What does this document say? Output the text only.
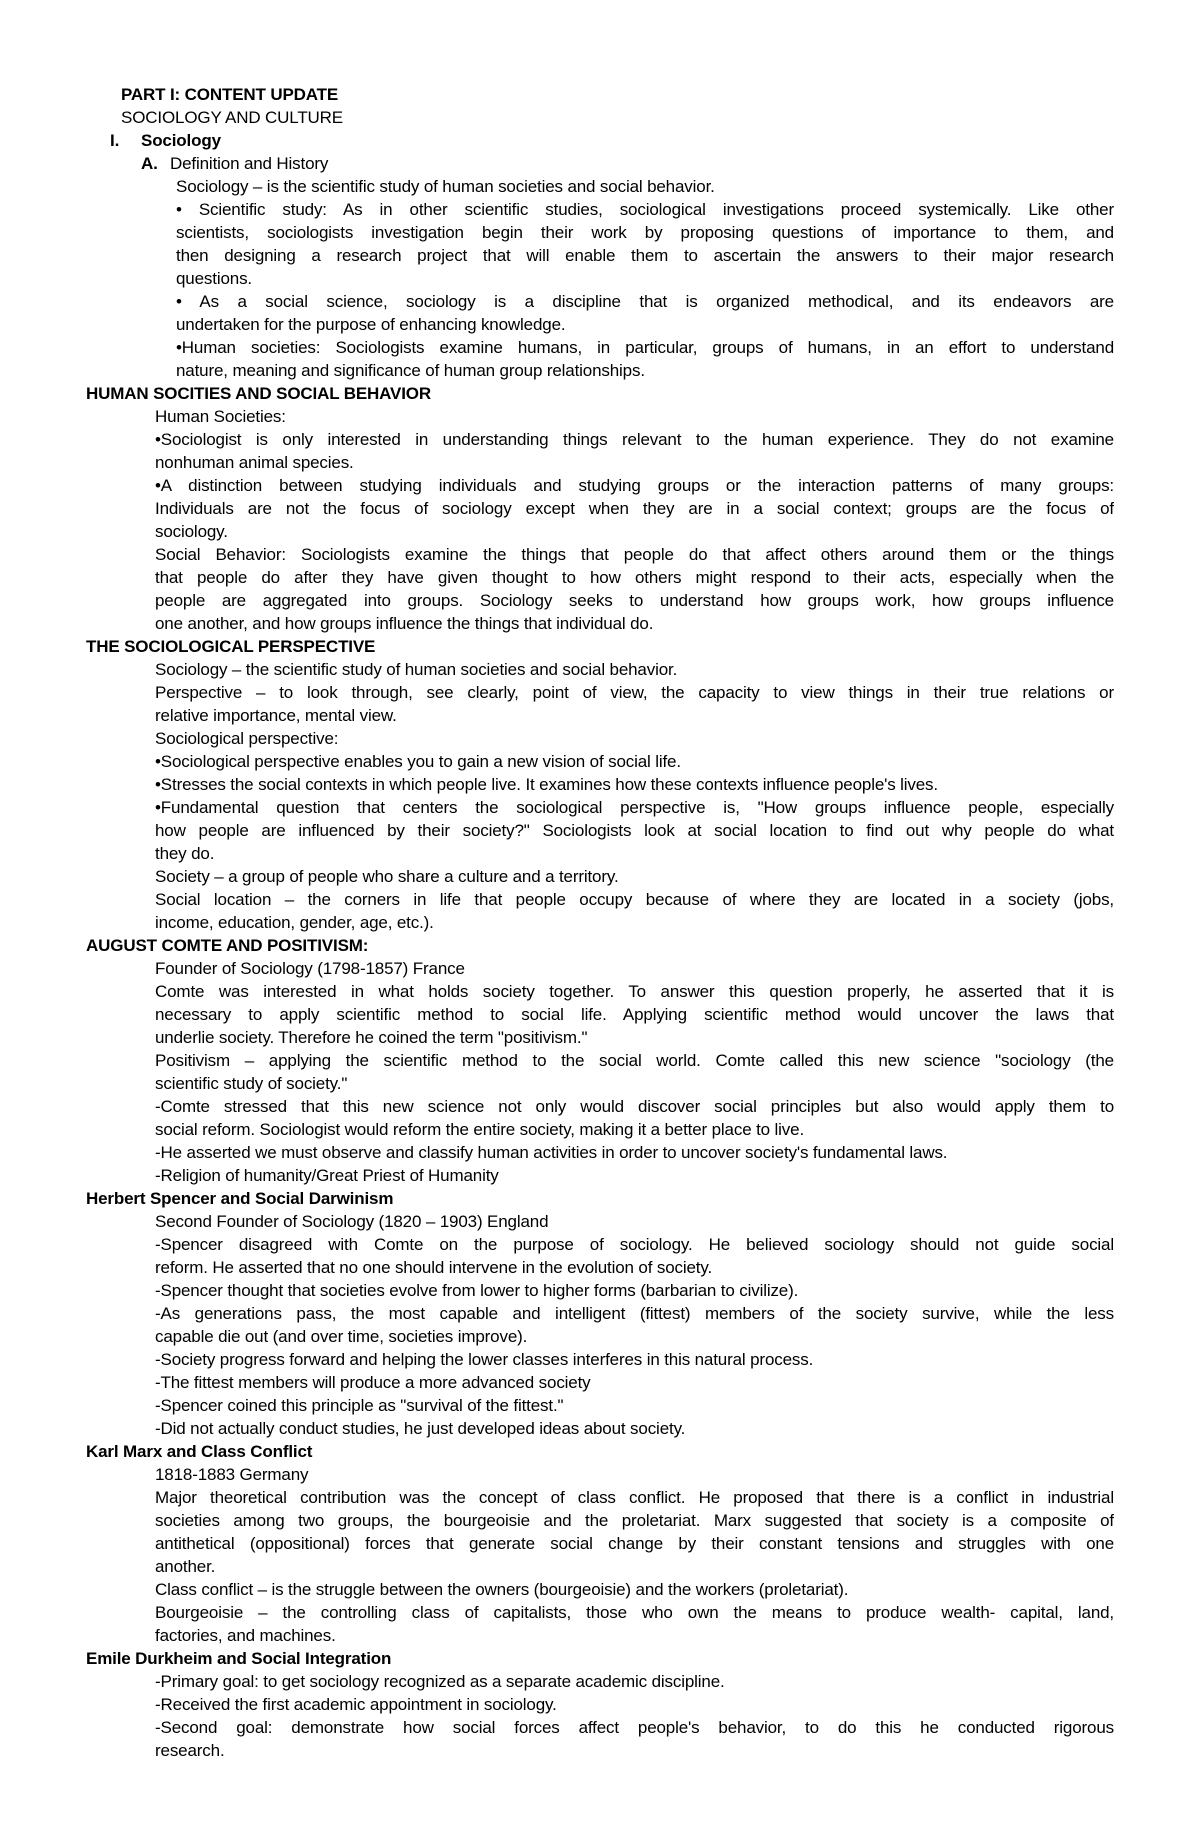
PART I: CONTENT UPDATE
SOCIOLOGY AND CULTURE
I. Sociology
A. Definition and History
Sociology – is the scientific study of human societies and social behavior.
• Scientific study: As in other scientific studies, sociological investigations proceed systemically. Like other
scientists, sociologists investigation begin their work by proposing questions of importance to them, and
then designing a research project that will enable them to ascertain the answers to their major research
questions.
• As a social science, sociology is a discipline that is organized methodical, and its endeavors are
undertaken for the purpose of enhancing knowledge.
•Human societies: Sociologists examine humans, in particular, groups of humans, in an effort to understand
nature, meaning and significance of human group relationships.
HUMAN SOCITIES AND SOCIAL BEHAVIOR
Human Societies:
•Sociologist is only interested in understanding things relevant to the human experience. They do not examine
nonhuman animal species.
•A distinction between studying individuals and studying groups or the interaction patterns of many groups:
Individuals are not the focus of sociology except when they are in a social context; groups are the focus of
sociology.
Social Behavior: Sociologists examine the things that people do that affect others around them or the things
that people do after they have given thought to how others might respond to their acts, especially when the
people are aggregated into groups. Sociology seeks to understand how groups work, how groups influence
one another, and how groups influence the things that individual do.
THE SOCIOLOGICAL PERSPECTIVE
Sociology – the scientific study of human societies and social behavior.
Perspective – to look through, see clearly, point of view, the capacity to view things in their true relations or
relative importance, mental view.
Sociological perspective:
•Sociological perspective enables you to gain a new vision of social life.
•Stresses the social contexts in which people live. It examines how these contexts influence people's lives.
•Fundamental question that centers the sociological perspective is, "How groups influence people, especially
how people are influenced by their society?" Sociologists look at social location to find out why people do what
they do.
Society – a group of people who share a culture and a territory.
Social location – the corners in life that people occupy because of where they are located in a society (jobs,
income, education, gender, age, etc.).
AUGUST COMTE AND POSITIVISM:
Founder of Sociology (1798-1857) France
Comte was interested in what holds society together. To answer this question properly, he asserted that it is
necessary to apply scientific method to social life. Applying scientific method would uncover the laws that
underlie society. Therefore he coined the term "positivism."
Positivism – applying the scientific method to the social world. Comte called this new science "sociology (the
scientific study of society."
-Comte stressed that this new science not only would discover social principles but also would apply them to
social reform. Sociologist would reform the entire society, making it a better place to live.
-He asserted we must observe and classify human activities in order to uncover society's fundamental laws.
-Religion of humanity/Great Priest of Humanity
Herbert Spencer and Social Darwinism
Second Founder of Sociology (1820 – 1903) England
-Spencer disagreed with Comte on the purpose of sociology. He believed sociology should not guide social
reform. He asserted that no one should intervene in the evolution of society.
-Spencer thought that societies evolve from lower to higher forms (barbarian to civilize).
-As generations pass, the most capable and intelligent (fittest) members of the society survive, while the less
capable die out (and over time, societies improve).
-Society progress forward and helping the lower classes interferes in this natural process.
-The fittest members will produce a more advanced society
-Spencer coined this principle as "survival of the fittest."
-Did not actually conduct studies, he just developed ideas about society.
Karl Marx and Class Conflict
1818-1883 Germany
Major theoretical contribution was the concept of class conflict. He proposed that there is a conflict in industrial
societies among two groups, the bourgeoisie and the proletariat. Marx suggested that society is a composite of
antithetical (oppositional) forces that generate social change by their constant tensions and struggles with one
another.
Class conflict – is the struggle between the owners (bourgeoisie) and the workers (proletariat).
Bourgeoisie – the controlling class of capitalists, those who own the means to produce wealth- capital, land,
factories, and machines.
Emile Durkheim and Social Integration
-Primary goal: to get sociology recognized as a separate academic discipline.
-Received the first academic appointment in sociology.
-Second goal: demonstrate how social forces affect people's behavior, to do this he conducted rigorous
research.
